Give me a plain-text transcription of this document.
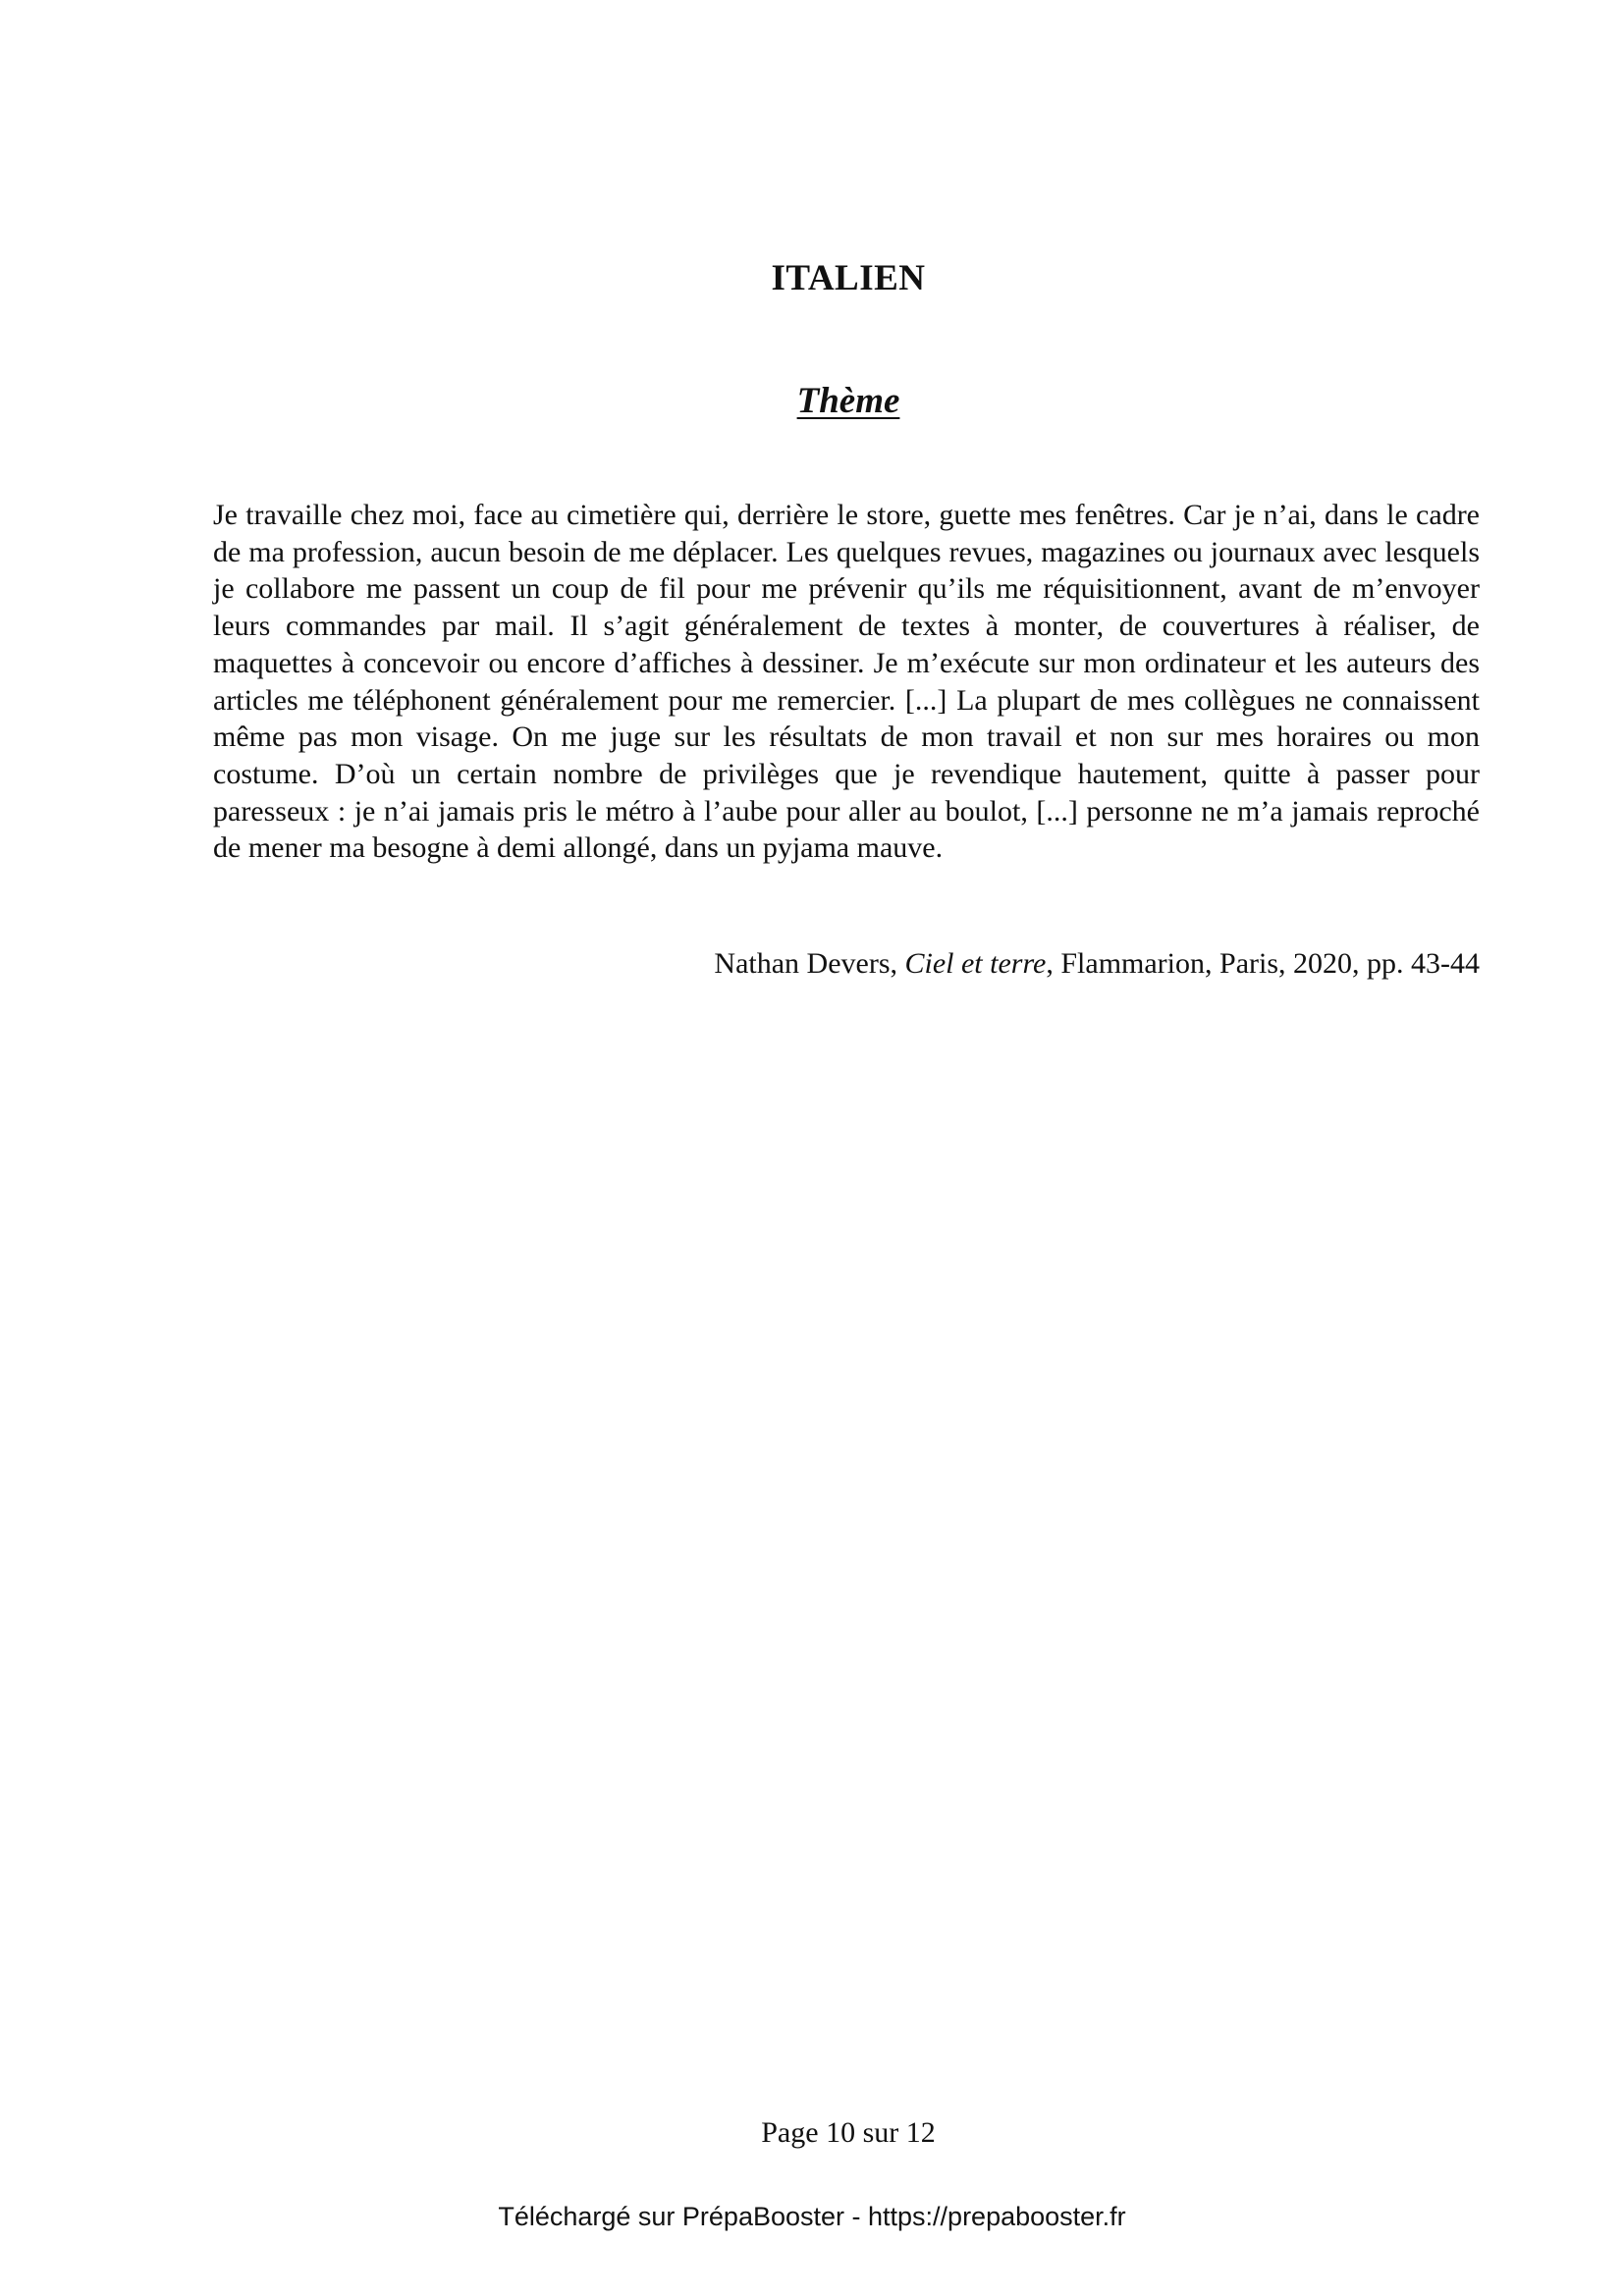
ITALIEN
Thème

Je travaille chez moi, face au cimetière qui, derrière le store, guette mes fenêtres. Car je n’ai, dans le cadre de ma profession, aucun besoin de me déplacer. Les quelques revues, magazines ou journaux avec lesquels je collabore me passent un coup de fil pour me prévenir qu’ils me réquisitionnent, avant de m’envoyer leurs commandes par mail. Il s’agit généralement de textes à monter, de couvertures à réaliser, de maquettes à concevoir ou encore d’affiches à dessiner. Je m’exécute sur mon ordinateur et les auteurs des articles me téléphonent généralement pour me remercier. [...] La plupart de mes collègues ne connaissent même pas mon visage. On me juge sur les résultats de mon travail et non sur mes horaires ou mon costume. D’où un certain nombre de privilèges que je revendique hautement, quitte à passer pour paresseux : je n’ai jamais pris le métro à l’aube pour aller au boulot, [...] personne ne m’a jamais reproché de mener ma besogne à demi allongé, dans un pyjama mauve.

Nathan Devers, Ciel et terre, Flammarion, Paris, 2020, pp. 43-44

Page 10 sur 12

Téléchargé sur PrépaBooster - https://prepabooster.fr
